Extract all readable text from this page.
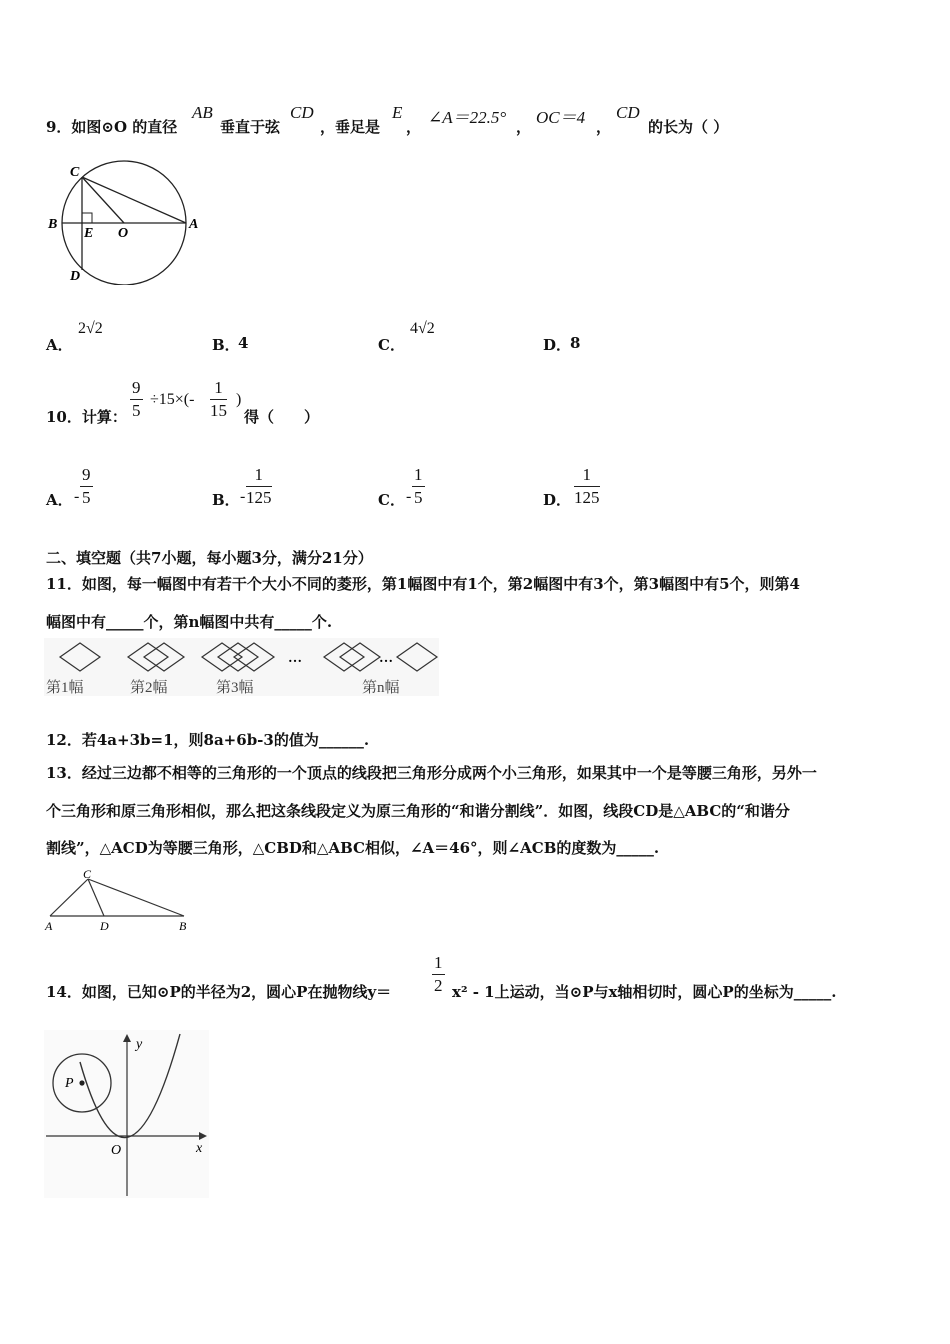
9．如图⊙O 的直径
AB
垂直于弦
CD
，垂足是
E
， ∠A＝22.5° ， OC＝4 ，
CD
的长为（ ）
C
B
E O
A
D
A．
2√2
B．
4	C．
4√2
D．
8
10．计算： $\frac{9}{5} \div 15\times(- \frac{1}{15}$ )
得（　　）
A． - $\frac{9}{5}$	B． - $\frac{1}{125}$	C． - $\frac{1}{5}$	D． $\frac{1}{125}$
二、填空题（共7小题，每小题3分，满分21分）
11．如图，每一幅图中有若干个大小不同的菱形，第1幅图中有1个，第2幅图中有3个，第3幅图中有5个，则第4
幅图中有_____个，第n幅图中共有_____个.
…	…
第1幅	第2幅	第3幅	第n幅
12．若4a+3b=1，则8a+6b-3的值为______.
13．经过三边都不相等的三角形的一个顶点的线段把三角形分成两个小三角形，如果其中一个是等腰三角形，另外一
个三角形和原三角形相似，那么把这条线段定义为原三角形的“和谐分割线”．如图，线段CD是△ABC的“和谐分
割线”，△ACD为等腰三角形，△CBD和△ABC相似，∠A＝46°，则∠ACB的度数为_____.
C
A	D	B
14．如图，已知⊙P的半径为2，圆心P在抛物线$y= \frac{1}{2} x^2 - 1$上运动，当⊙P与x轴相切时，圆心P的坐标为_____.
y
P
O	x
